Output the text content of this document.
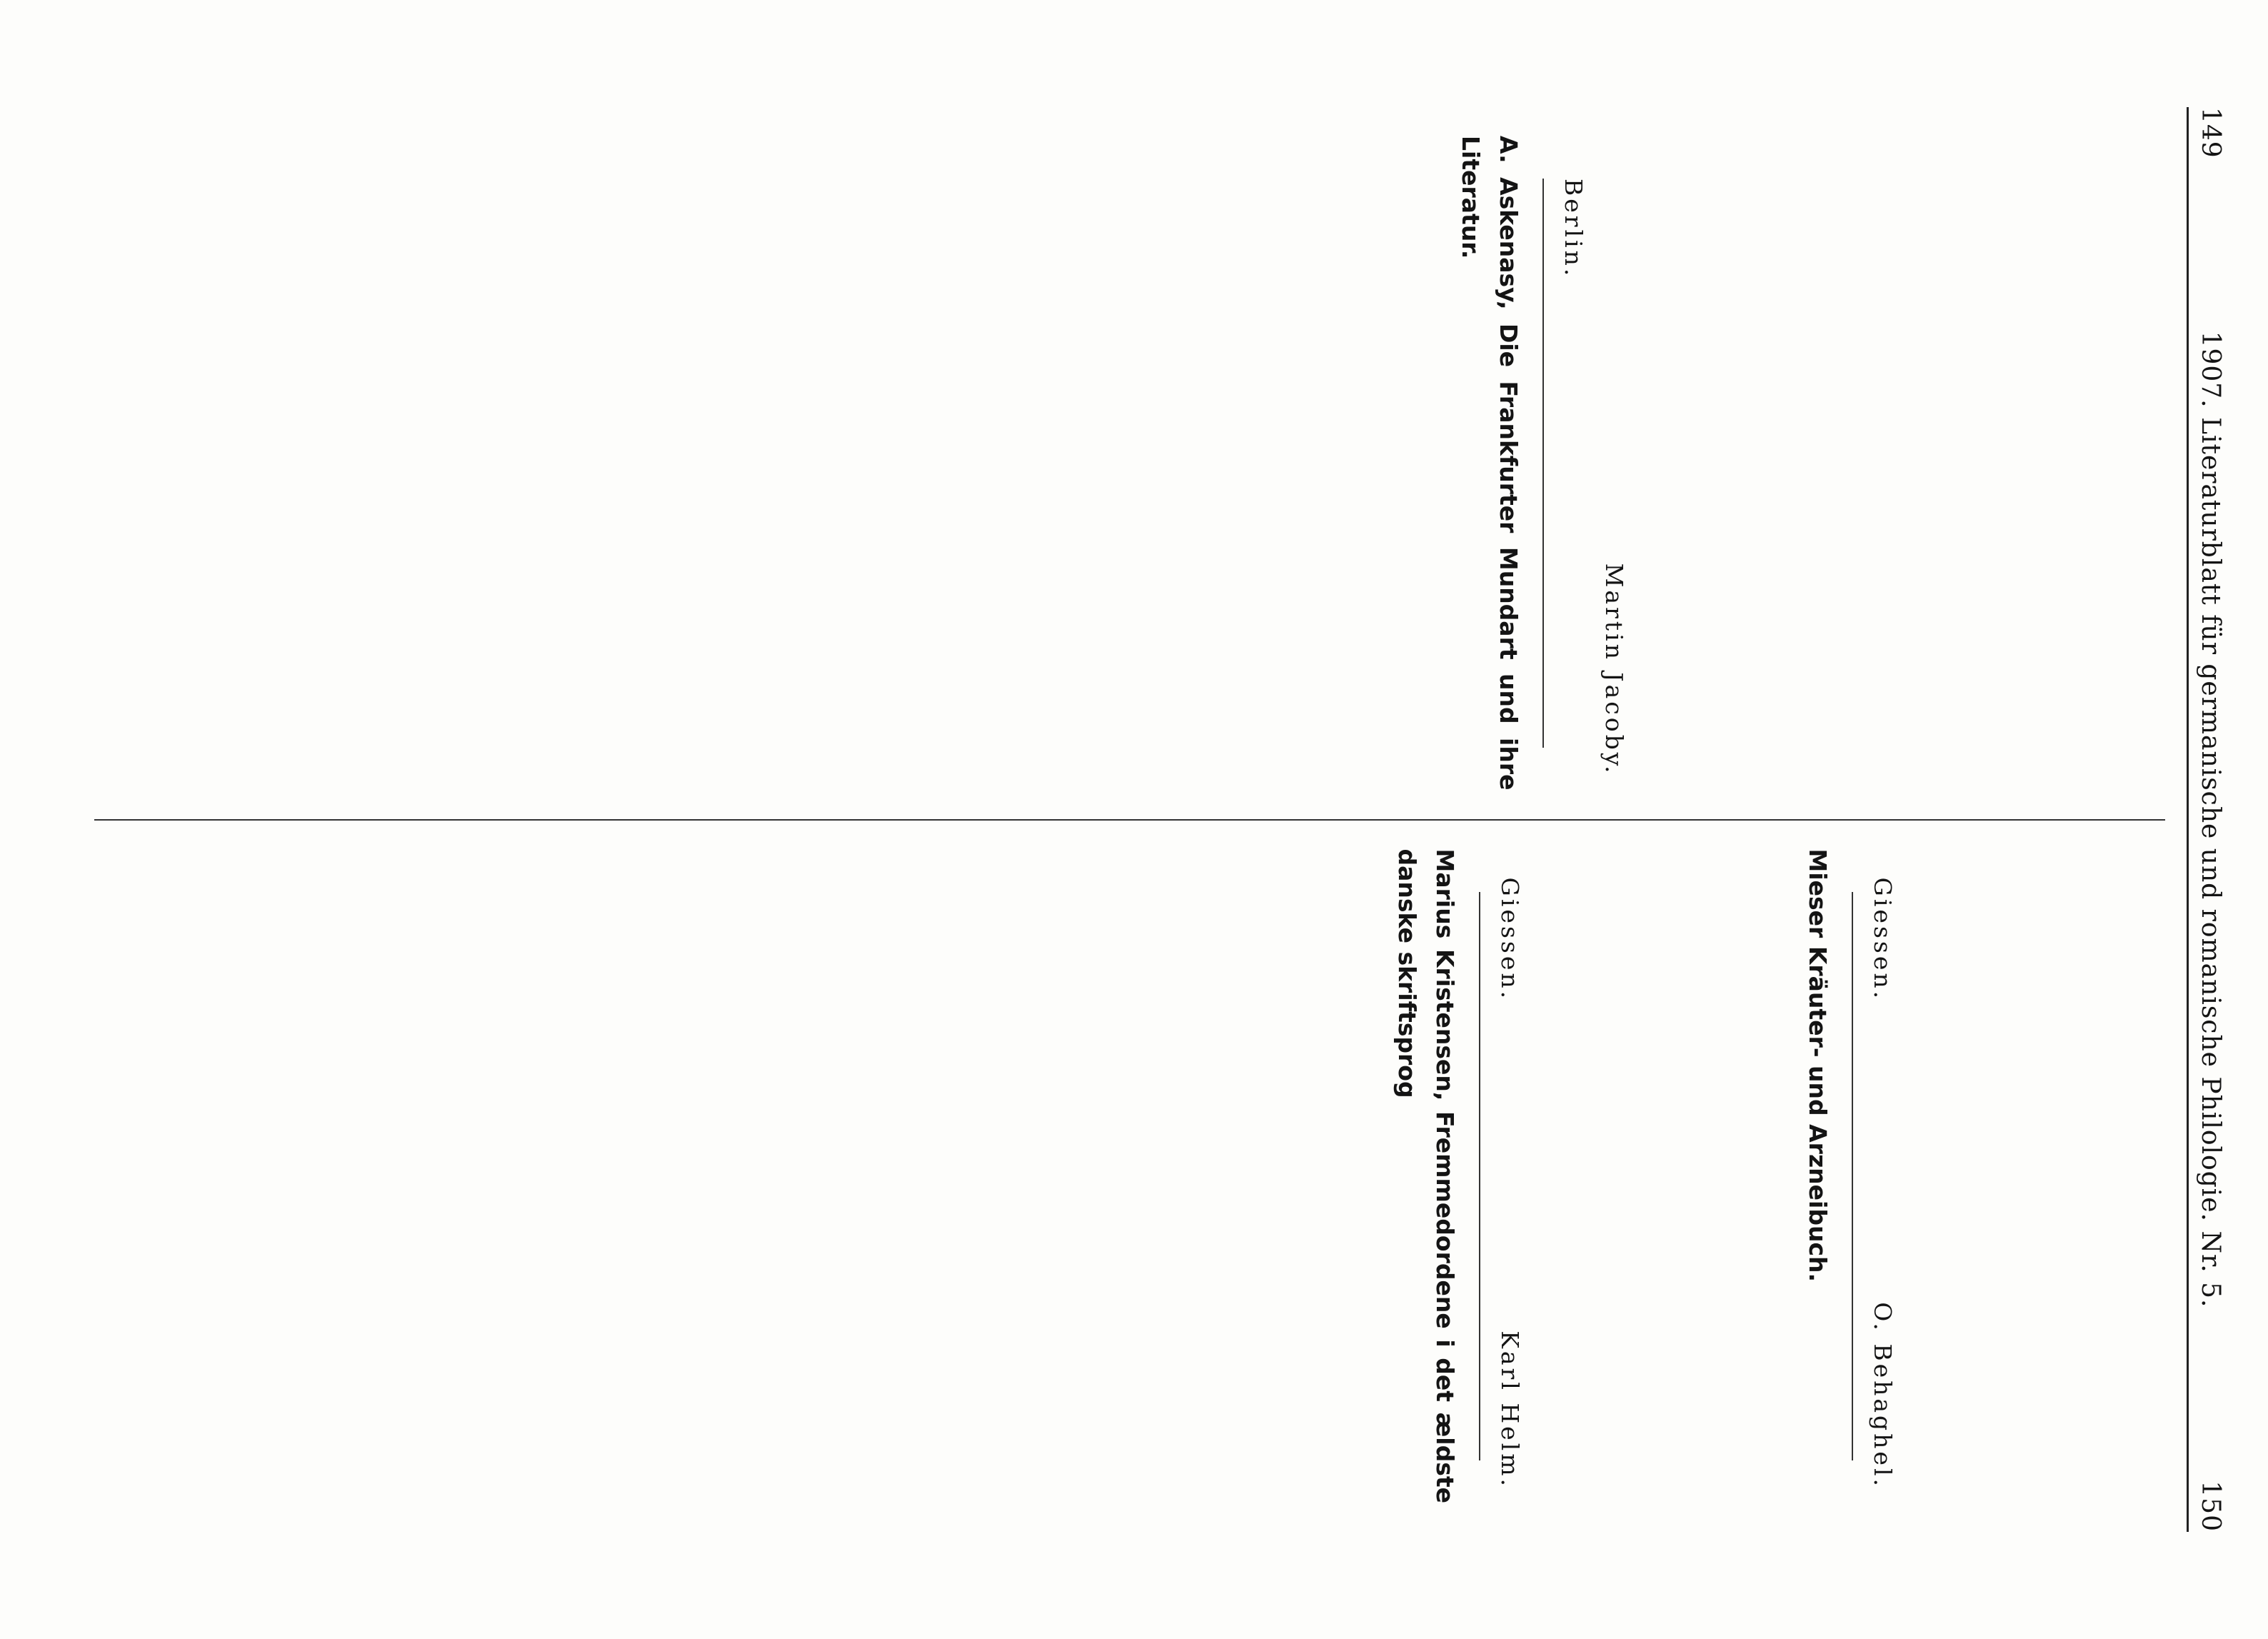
149
1907. Literaturblatt für germanische und romanische Philologie. Nr. 5.
150

Martin Jacoby.
Berlin.
A. Askenasy, Die Frankfurter Mundart und ihre Literatur.

Giessen.
O. Behaghel.
Mieser Kräuter- und Arzneibuch.

Giessen.
Karl Helm.
Marius Kristensen, Fremmedordene i det ældste danske skriftsprog
